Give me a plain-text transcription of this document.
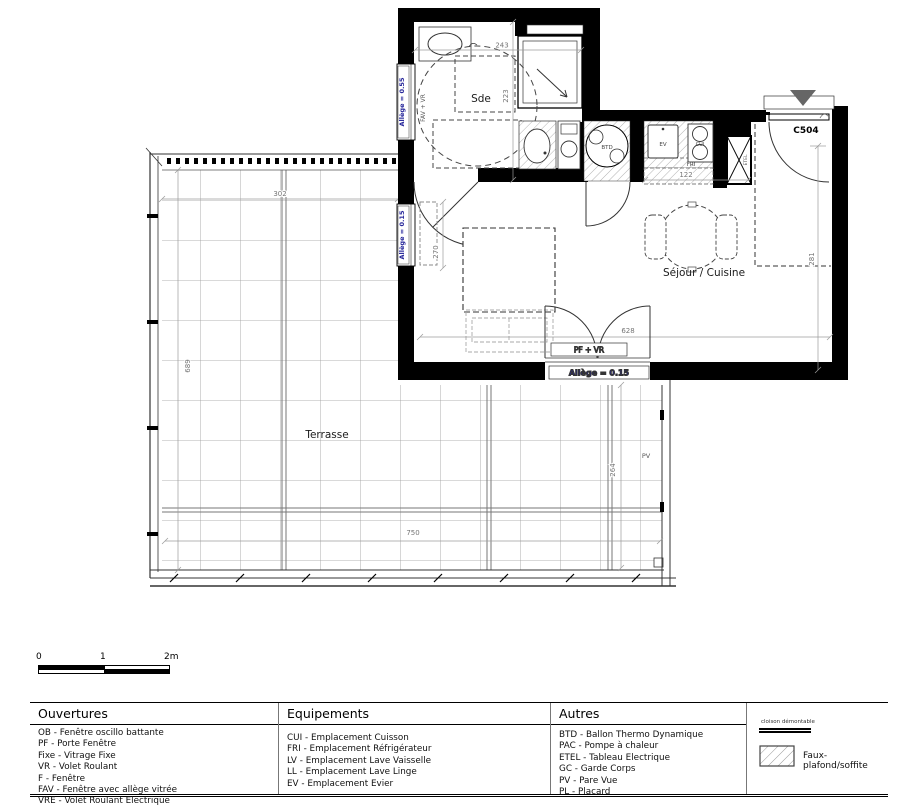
Terrasse
PV
302
689
750
264
Allège = 0.55 FAV + VR
Allège = 0.15
Sde
243
223
BTD	EV	CUI
FRI	ETEL
122
C504
281
Séjour / Cuisine
270
628
PF + VR
Allège = 0.15
0	1	2m
Ouvertures
OB - Fenêtre oscillo battante
PF - Porte Fenêtre
Fixe - Vitrage Fixe
VR - Volet Roulant
F - Fenêtre
FAV - Fenêtre avec allège vitrée
VRE - Volet Roulant Electrique
Equipements
CUI - Emplacement Cuisson
FRI - Emplacement Réfrigérateur
LV - Emplacement Lave Vaisselle
LL - Emplacement Lave Linge
EV - Emplacement Evier
Autres
BTD - Ballon Thermo Dynamique
PAC - Pompe à chaleur
ETEL - Tableau Electrique
GC - Garde Corps
PV - Pare Vue
PL - Placard
cloison démontable
Faux-plafond/soffite
